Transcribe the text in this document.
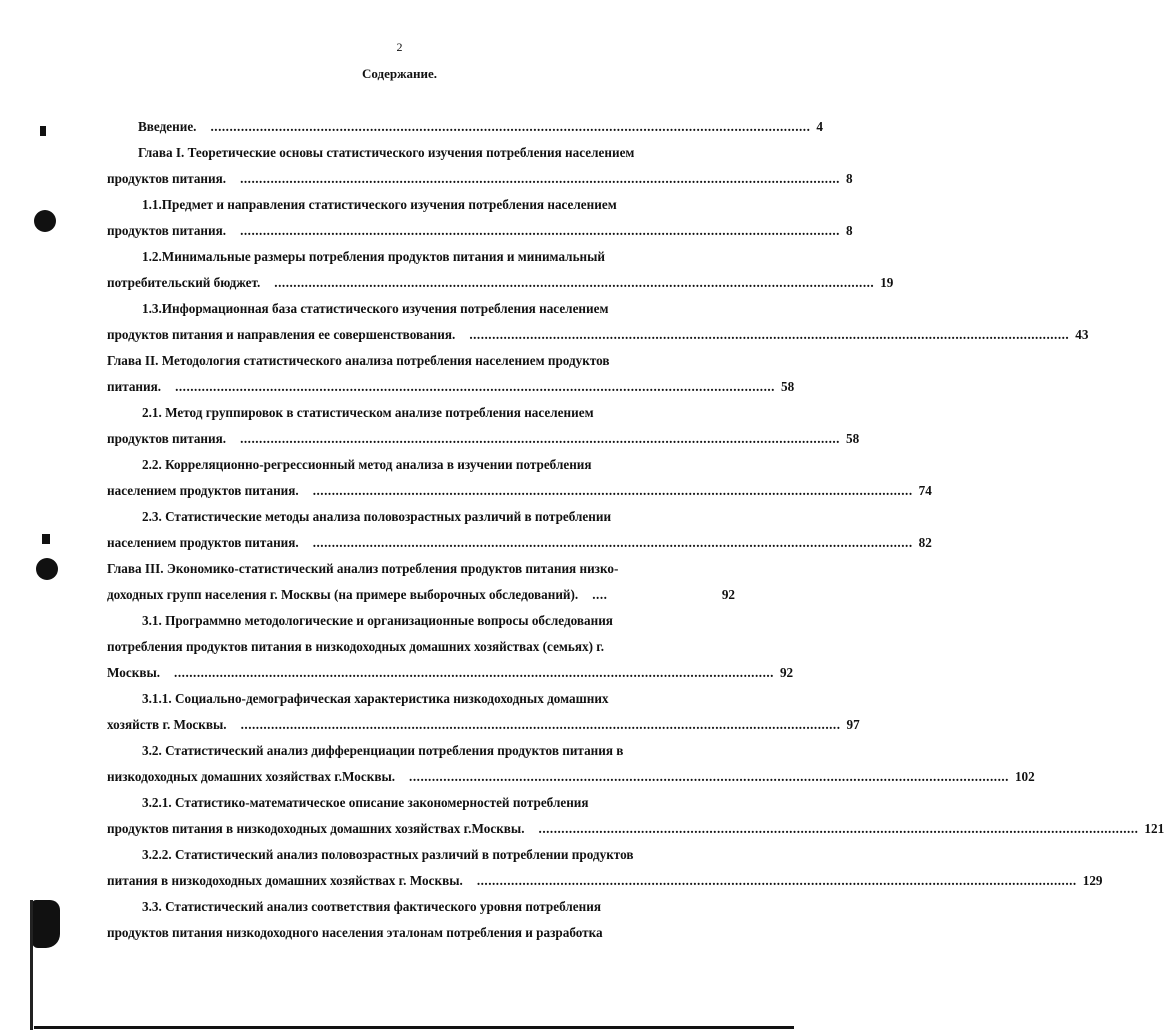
2
Содержание.
Введение. .............................................................................................................................................................. 4
Глава I. Теоретические основы статистического изучения потребления населением
продуктов питания. .............................................................................................................................................................. 8
1.1.Предмет и направления статистического изучения потребления населением
продуктов питания. .............................................................................................................................................................. 8
1.2.Минимальные размеры потребления продуктов питания и минимальный
потребительский бюджет. .............................................................................................................................................................. 19
1.3.Информационная база статистического изучения потребления населением
продуктов питания и направления ее совершенствования. .............................................................................................................................................................. 43
Глава II. Методология статистического анализа потребления населением продуктов
питания. .............................................................................................................................................................. 58
2.1. Метод группировок в статистическом анализе потребления населением
продуктов питания. .............................................................................................................................................................. 58
2.2. Корреляционно-регрессионный метод анализа в изучении потребления
населением продуктов питания. .............................................................................................................................................................. 74
2.3. Статистические методы анализа половозрастных различий в потреблении
населением продуктов питания. .............................................................................................................................................................. 82
Глава III. Экономико-статистический анализ потребления продуктов питания низко-
доходных групп населения г. Москвы (на примере выборочных обследований). ....	92
3.1. Программно методологические и организационные вопросы обследования
потребления продуктов питания в низкодоходных домашних хозяйствах (семьях) г.
Москвы. .............................................................................................................................................................. 92
3.1.1. Социально-демографическая характеристика низкодоходных домашних
хозяйств г. Москвы. .............................................................................................................................................................. 97
3.2. Статистический анализ дифференциации потребления продуктов питания в
низкодоходных домашних хозяйствах г.Москвы. .............................................................................................................................................................. 102
3.2.1. Статистико-математическое описание закономерностей потребления
продуктов питания в низкодоходных домашних хозяйствах г.Москвы. .............................................................................................................................................................. 121
3.2.2. Статистический анализ половозрастных различий в потреблении продуктов
питания в низкодоходных домашних хозяйствах г. Москвы. .............................................................................................................................................................. 129
3.3. Статистический анализ соответствия фактического уровня потребления
продуктов питания низкодоходного населения эталонам потребления и разработка
